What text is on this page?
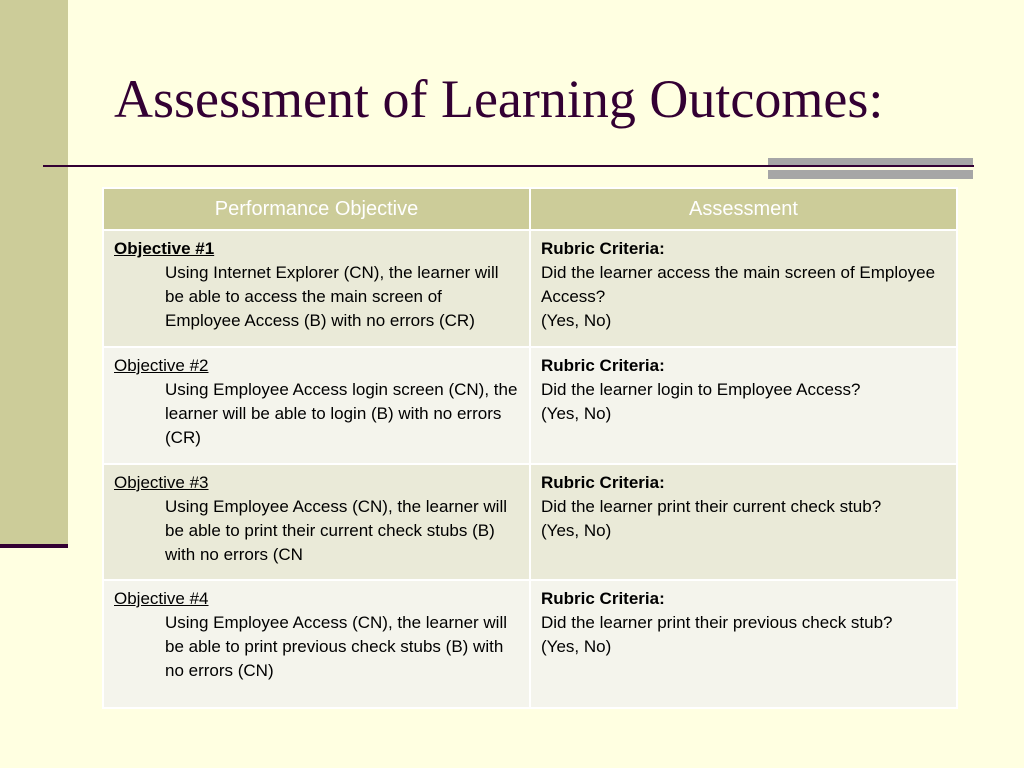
Assessment of Learning Outcomes:
Performance Objective	Assessment

Objective #1
Using Internet Explorer (CN), the learner will be able to access the main screen of Employee Access (B) with no errors (CR)	Rubric Criteria:
Did the learner access the main screen of Employee Access?
(Yes, No)

Objective #2
Using Employee Access login screen (CN), the learner will be able to login (B) with no errors (CR)	Rubric Criteria:
Did the learner login to Employee Access?
(Yes, No)

Objective #3
Using Employee Access (CN), the learner will be able to print their current check stubs (B) with no errors (CN	Rubric Criteria:
Did the learner print their current check stub?
(Yes, No)

Objective #4
Using Employee Access (CN), the learner will be able to print previous check stubs (B) with no errors (CN)	Rubric Criteria:
Did the learner print their previous check stub?
(Yes, No)
